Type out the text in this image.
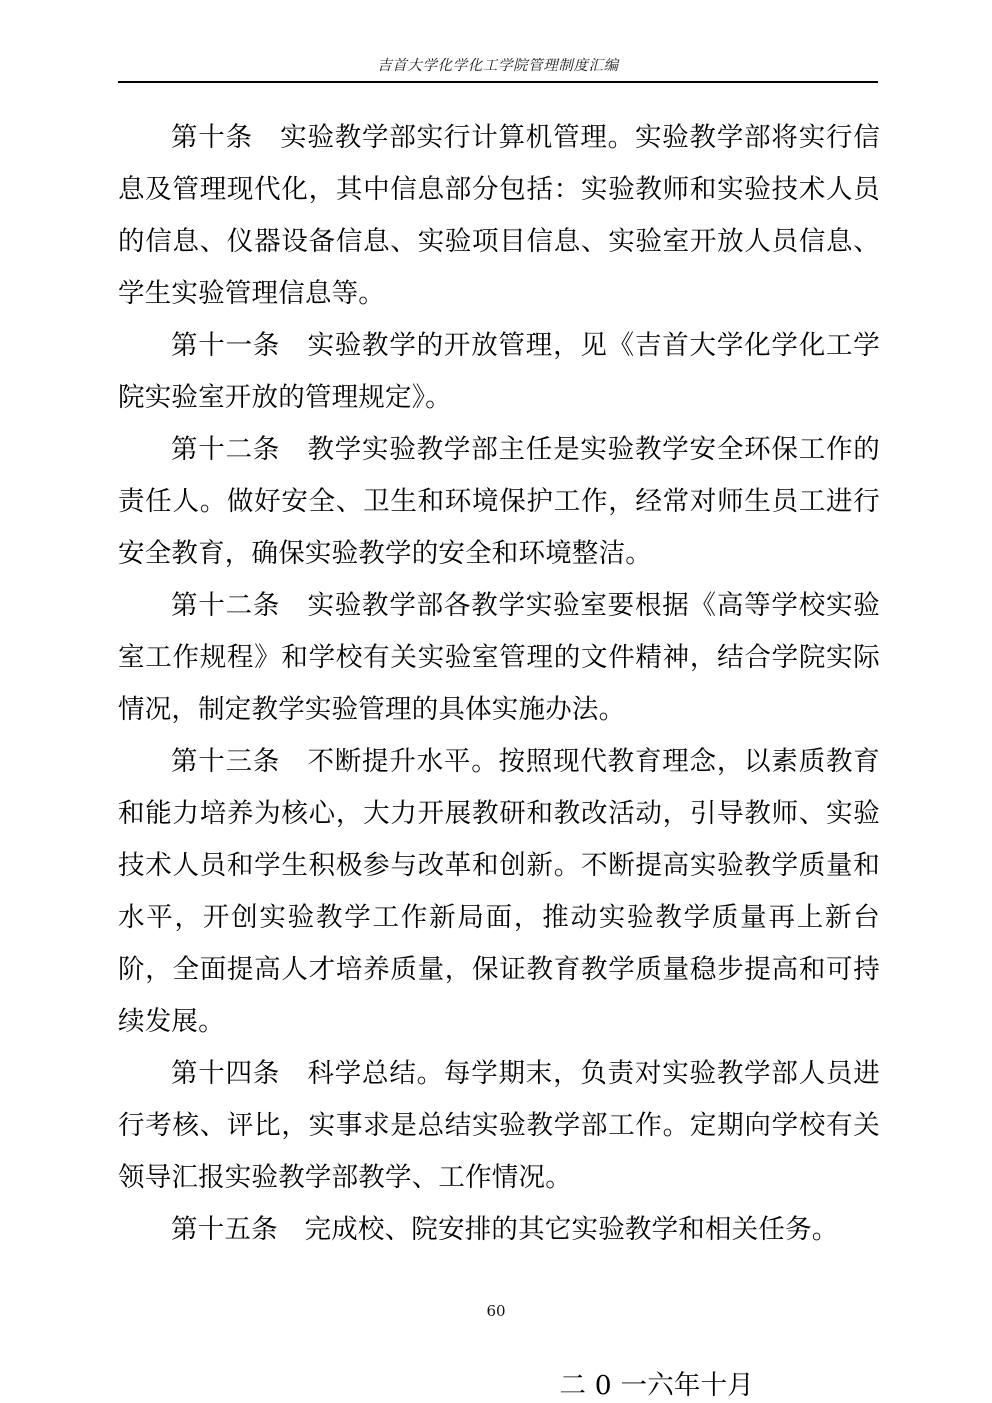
吉首大学化学化工学院管理制度汇编

第十条　实验教学部实行计算机管理。实验教学部将实行信息及管理现代化，其中信息部分包括：实验教师和实验技术人员的信息、仪器设备信息、实验项目信息、实验室开放人员信息、学生实验管理信息等。

第十一条　实验教学的开放管理，见《吉首大学化学化工学院实验室开放的管理规定》。

第十二条　教学实验教学部主任是实验教学安全环保工作的责任人。做好安全、卫生和环境保护工作，经常对师生员工进行安全教育，确保实验教学的安全和环境整洁。

第十二条　实验教学部各教学实验室要根据《高等学校实验室工作规程》和学校有关实验室管理的文件精神，结合学院实际情况，制定教学实验管理的具体实施办法。

第十三条　不断提升水平。按照现代教育理念，以素质教育和能力培养为核心，大力开展教研和教改活动，引导教师、实验技术人员和学生积极参与改革和创新。不断提高实验教学质量和水平，开创实验教学工作新局面，推动实验教学质量再上新台阶，全面提高人才培养质量，保证教育教学质量稳步提高和可持续发展。

第十四条　科学总结。每学期末，负责对实验教学部人员进行考核、评比，实事求是总结实验教学部工作。定期向学校有关领导汇报实验教学部教学、工作情况。

第十五条　完成校、院安排的其它实验教学和相关任务。

二 0 一六年十月

60
